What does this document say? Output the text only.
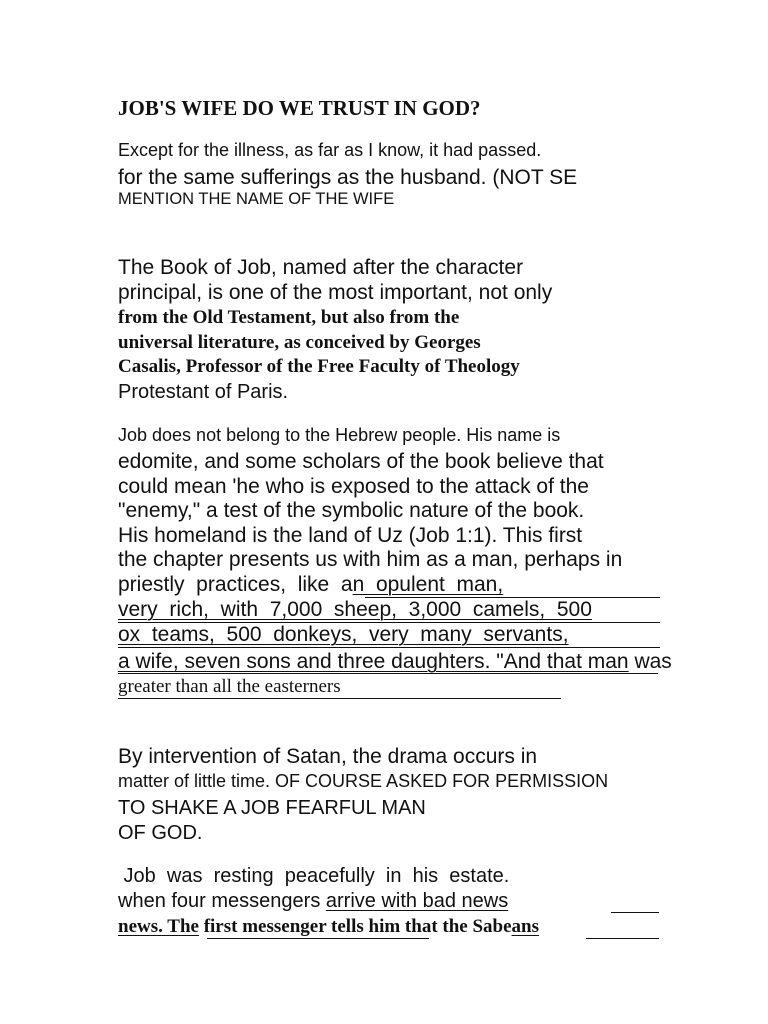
JOB'S WIFE DO WE TRUST IN GOD?
Except for the illness, as far as I know, it had passed.
for the same sufferings as the husband. (NOT SE
MENTION THE NAME OF THE WIFE
The Book of Job, named after the character
principal, is one of the most important, not only
from the Old Testament, but also from the
universal literature, as conceived by Georges
Casalis, Professor of the Free Faculty of Theology
Protestant of Paris.
Job does not belong to the Hebrew people. His name is
edomite, and some scholars of the book believe that
could mean 'he who is exposed to the attack of the
"enemy," a test of the symbolic nature of the book.
His homeland is the land of Uz (Job 1:1). This first
the chapter presents us with him as a man, perhaps in
priestly  practices,  like  an  opulent  man,
very  rich,  with  7,000  sheep,  3,000  camels,  500
ox  teams,  500  donkeys,  very  many  servants,
a wife, seven sons and three daughters. "And that man was
greater than all the easterners
By intervention of Satan, the drama occurs in
matter of little time. OF COURSE ASKED FOR PERMISSION
TO SHAKE A JOB FEARFUL MAN
OF GOD.
Job  was  resting  peacefully  in  his  estate.
when four messengers arrive with bad news
news. The first messenger tells him that the Sabeans
